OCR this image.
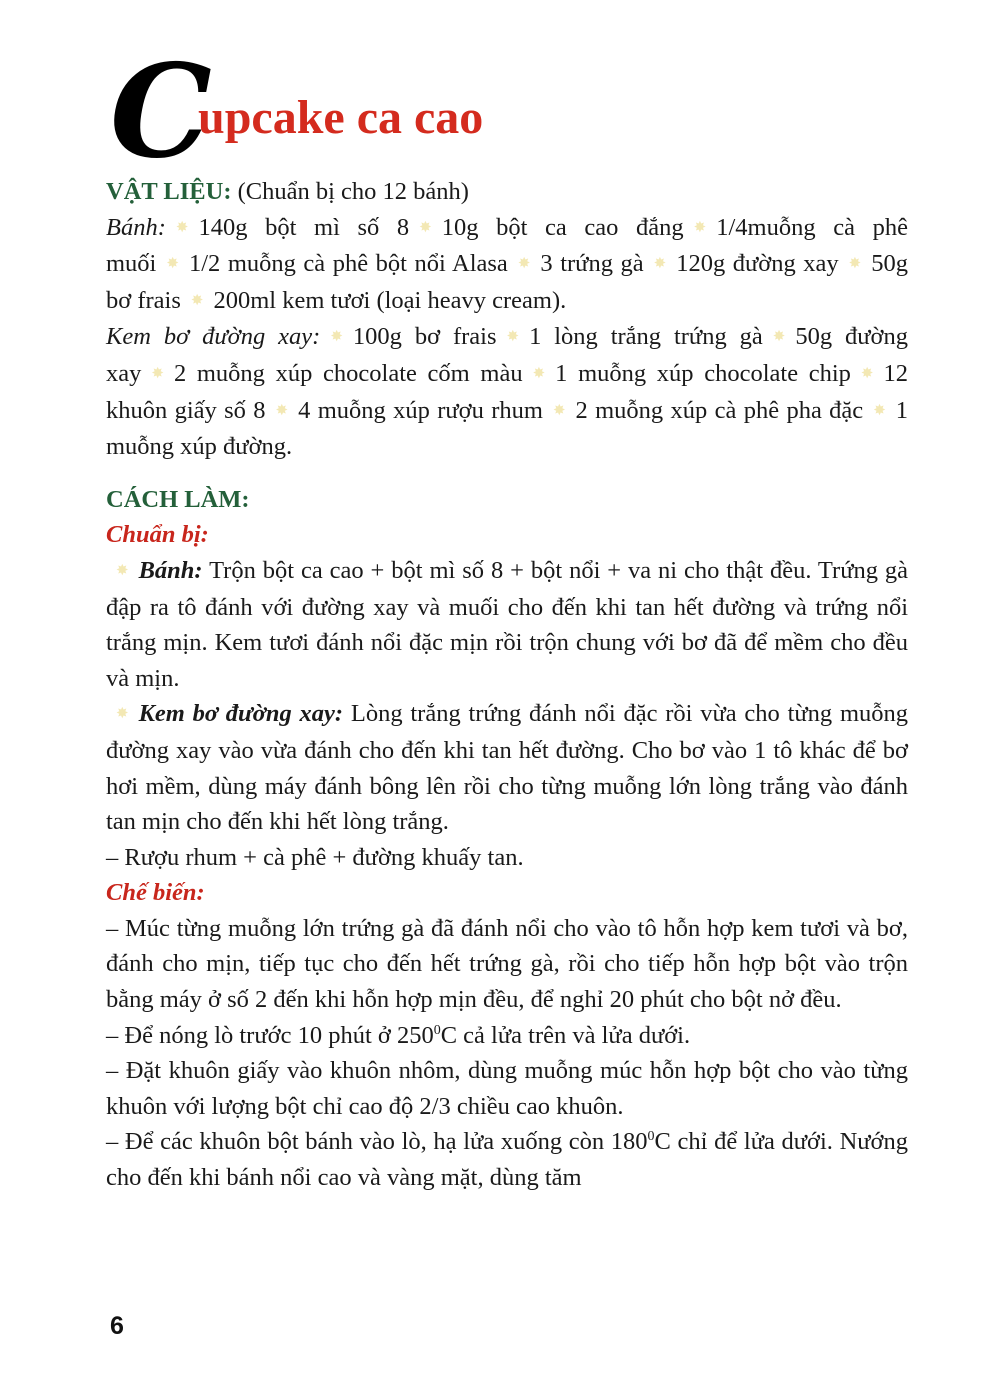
C
upcake ca cao

VẬT LIỆU: (Chuẩn bị cho 12 bánh)

Bánh: ✸ 140g bột mì số 8 ✸ 10g bột ca cao đắng ✸ 1/4muỗng cà phê muối ✸ 1/2 muỗng cà phê bột nổi Alasa ✸ 3 trứng gà ✸ 120g đường xay ✸ 50g bơ frais ✸ 200ml kem tươi (loại heavy cream).

Kem bơ đường xay: ✸ 100g bơ frais ✸ 1 lòng trắng trứng gà ✸ 50g đường xay ✸ 2 muỗng xúp chocolate cốm màu ✸ 1 muỗng xúp chocolate chip ✸ 12 khuôn giấy số 8 ✸ 4 muỗng xúp rượu rhum ✸ 2 muỗng xúp cà phê pha đặc ✸ 1 muỗng xúp đường.

CÁCH LÀM:

Chuẩn bị:

✸ Bánh: Trộn bột ca cao + bột mì số 8 + bột nổi + va ni cho thật đều. Trứng gà đập ra tô đánh với đường xay và muối cho đến khi tan hết đường và trứng nổi trắng mịn. Kem tươi đánh nổi đặc mịn rồi trộn chung với bơ đã để mềm cho đều và mịn.

✸ Kem bơ đường xay: Lòng trắng trứng đánh nổi đặc rồi vừa cho từng muỗng đường xay vào vừa đánh cho đến khi tan hết đường. Cho bơ vào 1 tô khác để bơ hơi mềm, dùng máy đánh bông lên rồi cho từng muỗng lớn lòng trắng vào đánh tan mịn cho đến khi hết lòng trắng.

– Rượu rhum + cà phê + đường khuấy tan.

Chế biến:

– Múc từng muỗng lớn trứng gà đã đánh nổi cho vào tô hỗn hợp kem tươi và bơ, đánh cho mịn, tiếp tục cho đến hết trứng gà, rồi cho tiếp hỗn hợp bột vào trộn bằng máy ở số 2 đến khi hỗn hợp mịn đều, để nghỉ 20 phút cho bột nở đều.

– Để nóng lò trước 10 phút ở $250^0C$ cả lửa trên và lửa dưới.

– Đặt khuôn giấy vào khuôn nhôm, dùng muỗng múc hỗn hợp bột cho vào từng khuôn với lượng bột chỉ cao độ 2/3 chiều cao khuôn.

– Để các khuôn bột bánh vào lò, hạ lửa xuống còn $180^0C$ chỉ để lửa dưới. Nướng cho đến khi bánh nổi cao và vàng mặt, dùng tăm

6
